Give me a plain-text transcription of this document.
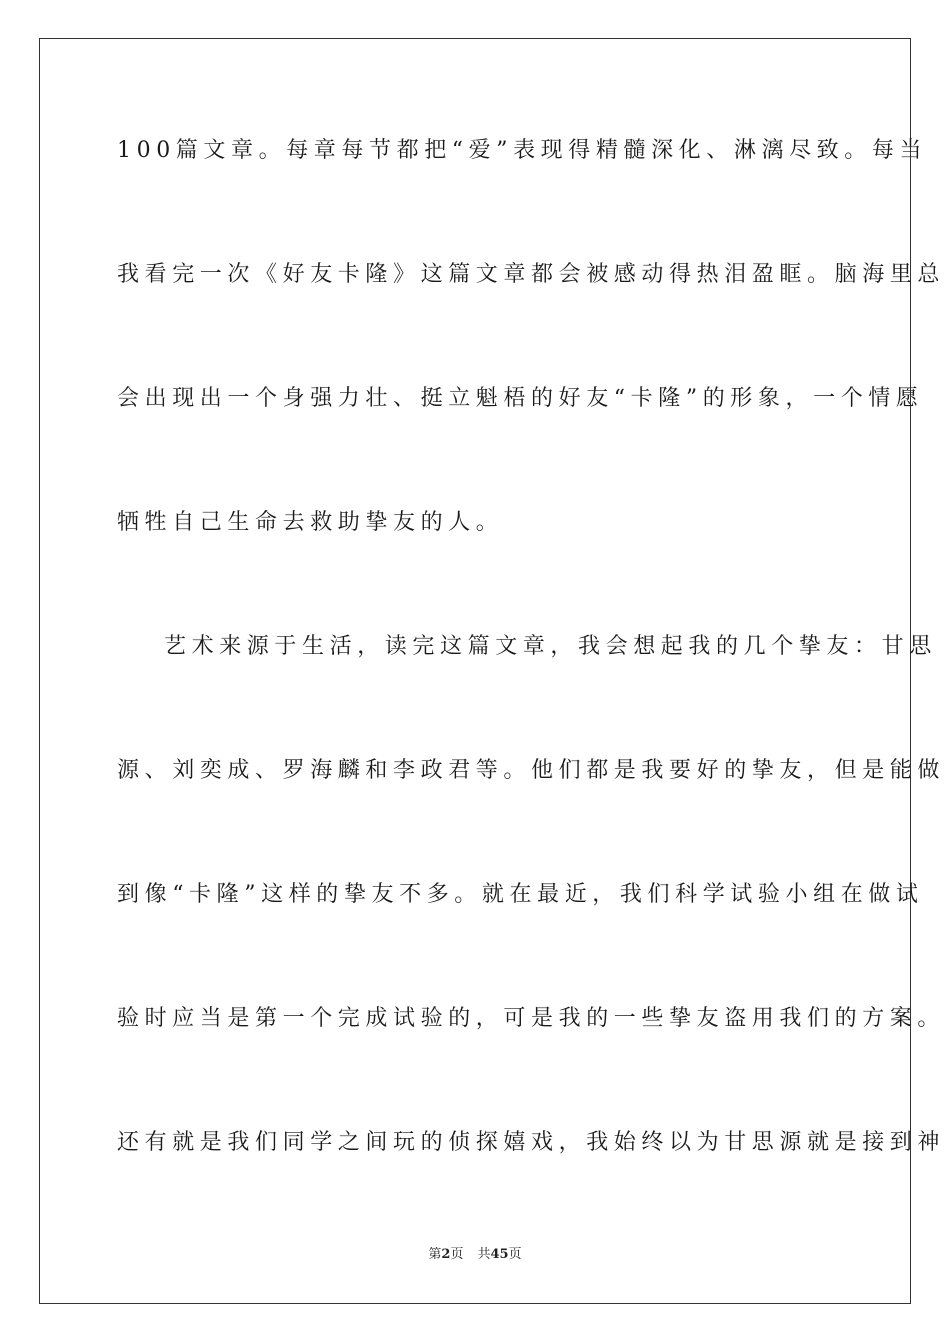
100篇文章。每章每节都把“爱”表现得精髓深化、淋漓尽致。每当
我看完一次《好友卡隆》这篇文章都会被感动得热泪盈眶。脑海里总
会出现出一个身强力壮、挺立魁梧的好友“卡隆”的形象，一个情愿
牺牲自己生命去救助挚友的人。
艺术来源于生活，读完这篇文章，我会想起我的几个挚友：甘思
源、刘奕成、罗海麟和李政君等。他们都是我要好的挚友，但是能做
到像“卡隆”这样的挚友不多。就在最近，我们科学试验小组在做试
验时应当是第一个完成试验的，可是我的一些挚友盗用我们的方案。
还有就是我们同学之间玩的侦探嬉戏，我始终以为甘思源就是接到神
第2页 共45页
